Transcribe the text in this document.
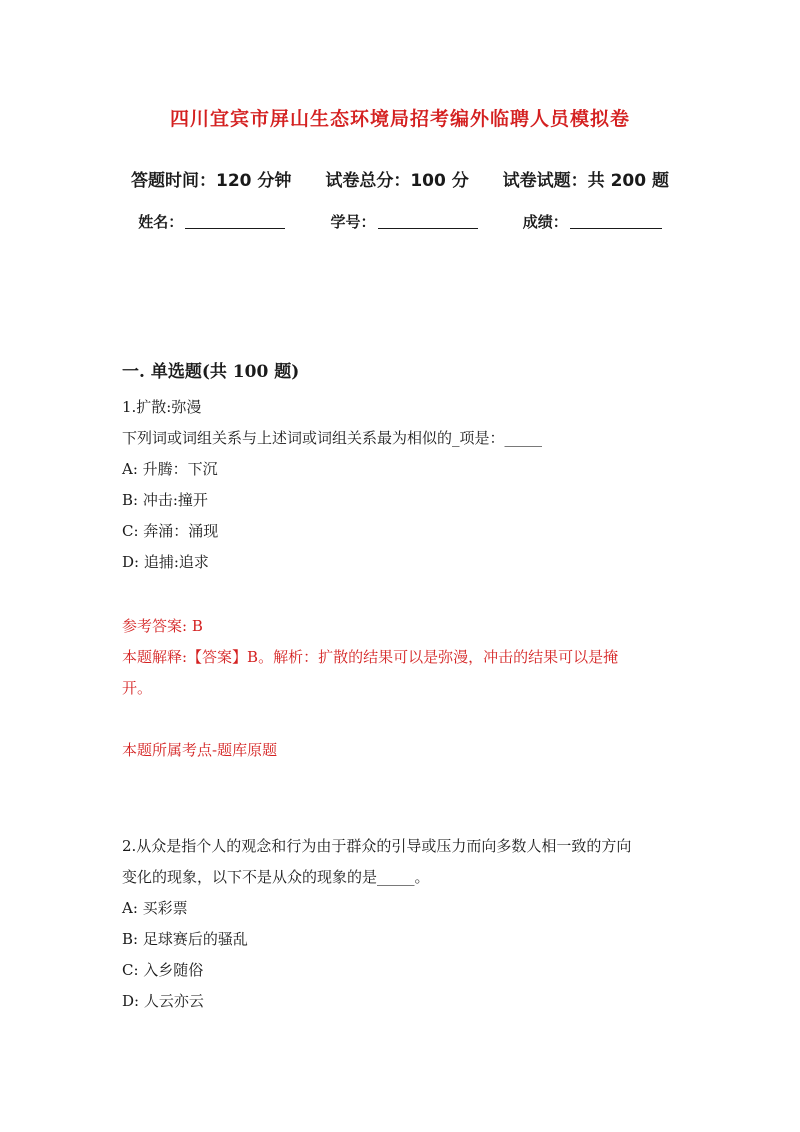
四川宜宾市屏山生态环境局招考编外临聘人员模拟卷
答题时间：120 分钟 试卷总分：100 分 试卷试题：共 200 题
姓名：	学号：	成绩：
一. 单选题(共 100 题)
1.扩散:弥漫
下列词或词组关系与上述词或词组关系最为相似的_项是：_____
A: 升腾：下沉
B: 冲击:撞开
C: 奔涌：涌现
D: 追捕:追求
参考答案: B
本题解释:【答案】B。解析：扩散的结果可以是弥漫，冲击的结果可以是掩
开。
本题所属考点-题库原题
2.从众是指个人的观念和行为由于群众的引导或压力而向多数人相一致的方向
变化的现象，以下不是从众的现象的是_____。
A: 买彩票
B: 足球赛后的骚乱
C: 入乡随俗
D: 人云亦云
